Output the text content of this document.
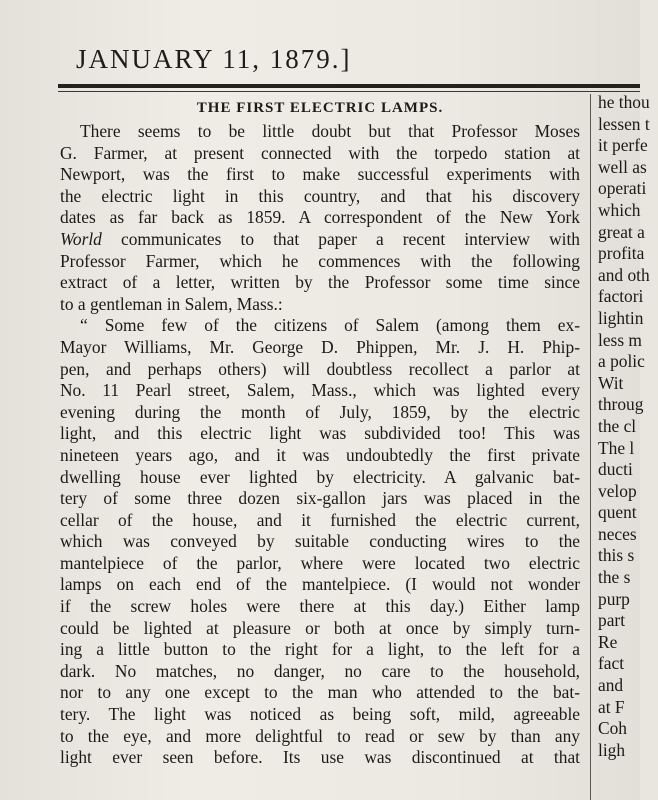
JANUARY 11, 1879.]
THE FIRST ELECTRIC LAMPS.
There seems to be little doubt but that Professor Moses
G. Farmer, at present connected with the torpedo station at
Newport, was the first to make successful experiments with
the electric light in this country, and that his discovery
dates as far back as 1859. A correspondent of the New York
World communicates to that paper a recent interview with
Professor Farmer, which he commences with the following
extract of a letter, written by the Professor some time since
to a gentleman in Salem, Mass.:
“ Some few of the citizens of Salem (among them ex-
Mayor Williams, Mr. George D. Phippen, Mr. J. H. Phip-
pen, and perhaps others) will doubtless recollect a parlor at
No. 11 Pearl street, Salem, Mass., which was lighted every
evening during the month of July, 1859, by the electric
light, and this electric light was subdivided too! This was
nineteen years ago, and it was undoubtedly the first private
dwelling house ever lighted by electricity. A galvanic bat-
tery of some three dozen six-gallon jars was placed in the
cellar of the house, and it furnished the electric current,
which was conveyed by suitable conducting wires to the
mantelpiece of the parlor, where were located two electric
lamps on each end of the mantelpiece. (I would not wonder
if the screw holes were there at this day.) Either lamp
could be lighted at pleasure or both at once by simply turn-
ing a little button to the right for a light, to the left for a
dark. No matches, no danger, no care to the household,
nor to any one except to the man who attended to the bat-
tery. The light was noticed as being soft, mild, agreeable
to the eye, and more delightful to read or sew by than any
light ever seen before. Its use was discontinued at that
he thou
lessen t
it perfe
well as
operati
which
great a
profita
and oth
factori
lightin
less m
a polic
Wit
throug
the cl
The l
ducti
velop
quent
neces
this s
the s
purp
part
Re
fact
and
at F
Coh
ligh
